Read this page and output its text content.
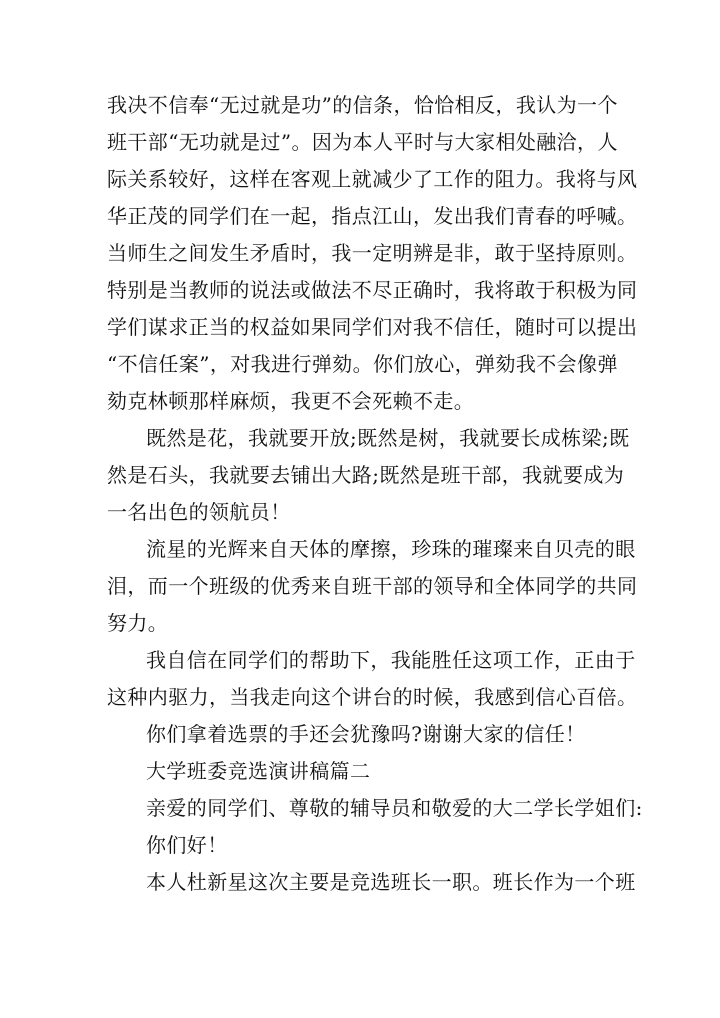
我决不信奉“无过就是功”的信条，恰恰相反，我认为一个
班干部“无功就是过”。因为本人平时与大家相处融洽，人
际关系较好，这样在客观上就减少了工作的阻力。我将与风
华正茂的同学们在一起，指点江山，发出我们青春的呼喊。
当师生之间发生矛盾时，我一定明辨是非，敢于坚持原则。
特别是当教师的说法或做法不尽正确时，我将敢于积极为同
学们谋求正当的权益如果同学们对我不信任，随时可以提出
“不信任案”，对我进行弹劾。你们放心，弹劾我不会像弹
劾克林顿那样麻烦，我更不会死赖不走。
既然是花，我就要开放;既然是树，我就要长成栋梁;既
然是石头，我就要去铺出大路;既然是班干部，我就要成为
一名出色的领航员！
流星的光辉来自天体的摩擦，珍珠的璀璨来自贝壳的眼
泪，而一个班级的优秀来自班干部的领导和全体同学的共同
努力。
我自信在同学们的帮助下，我能胜任这项工作，正由于
这种内驱力，当我走向这个讲台的时候，我感到信心百倍。
你们拿着选票的手还会犹豫吗?谢谢大家的信任！
大学班委竞选演讲稿篇二
亲爱的同学们、尊敬的辅导员和敬爱的大二学长学姐们:
你们好！
本人杜新星这次主要是竞选班长一职。班长作为一个班
